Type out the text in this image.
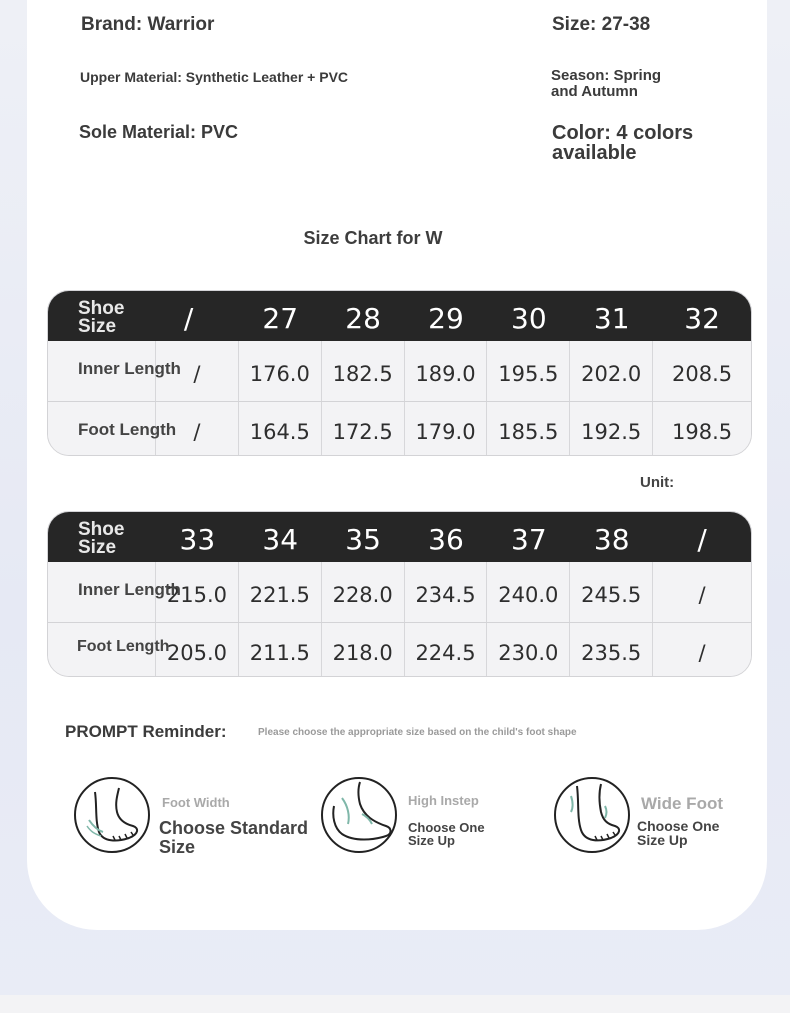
Brand: Warrior	Size: 27-38
Upper Material: Synthetic Leather + PVC	Season: Spring
and Autumn
Sole Material: PVC	Color: 4 colors
available
Size Chart for W
Shoe Size	/	27	28	29	30	31	32
Inner Length /	176.0	182.5	189.0	195.5	202.0	208.5
Foot Length /	164.5	172.5	179.0	185.5	192.5	198.5
Unit:
Shoe Size	33	34	35	36	37	38	/
Inner Length
215.0	221.5	228.0	234.5	240.0	245.5	/
Foot Length
205.0	211.5	218.0	224.5	230.0	235.5	/
PROMPT Reminder:	Please choose the appropriate size based on the child's foot shape
Foot Width
Choose Standard
Size
High Instep
Choose One
Size Up
Wide Foot
Choose One
Size Up
